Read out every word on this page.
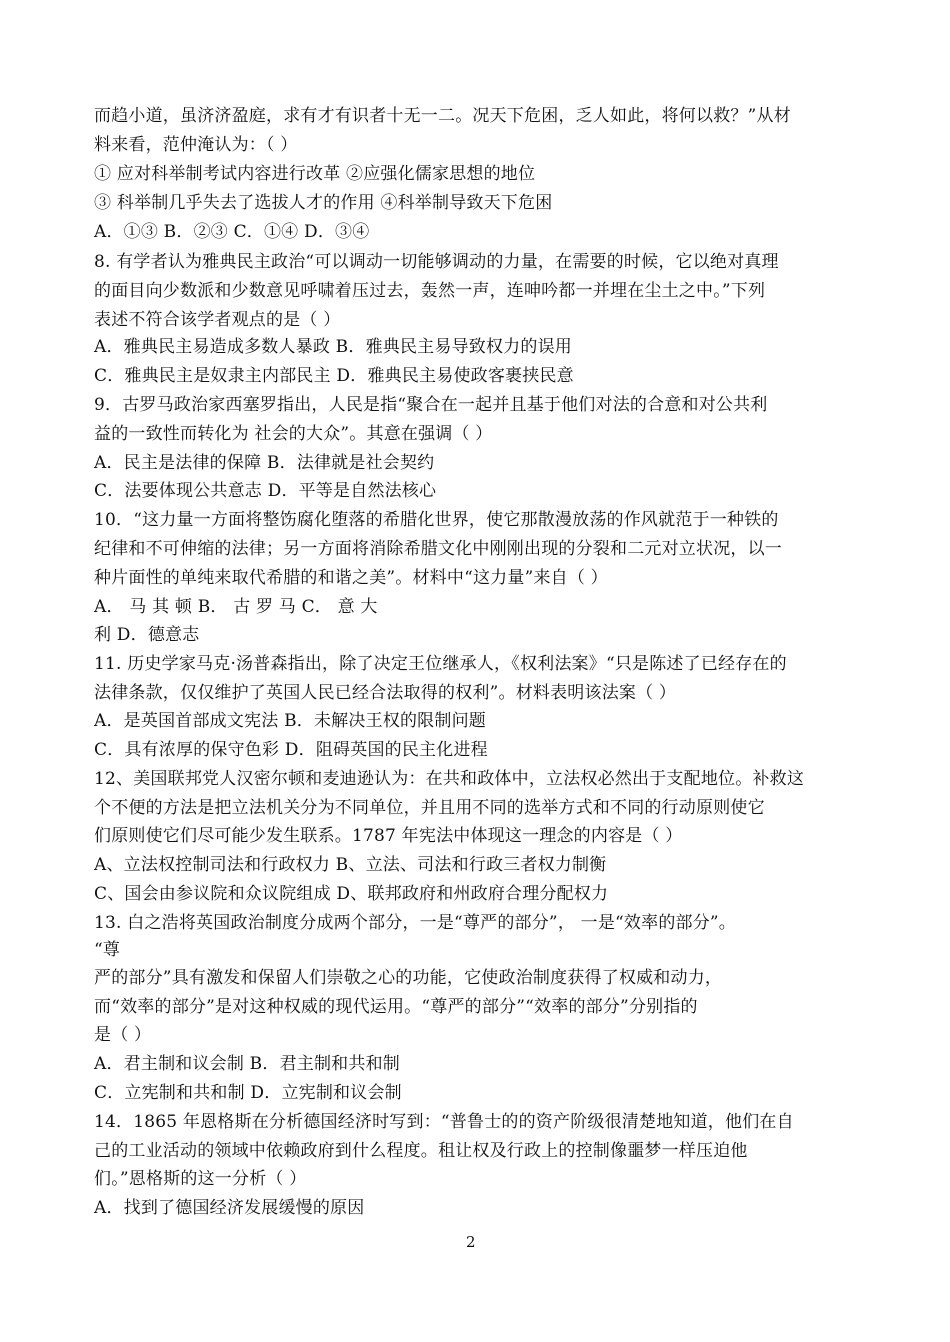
而趋小道，虽济济盈庭，求有才有识者十无一二。况天下危困，乏人如此，将何以救？”从材
料来看，范仲淹认为：（ ）
① 应对科举制考试内容进行改革 ②应强化儒家思想的地位
③ 科举制几乎失去了选拔人才的作用 ④科举制导致天下危困
A．①③ B．②③ C．①④ D．③④
8. 有学者认为雅典民主政治“可以调动一切能够调动的力量，在需要的时候，它以绝对真理
的面目向少数派和少数意见呼啸着压过去，轰然一声，连呻吟都一并埋在尘土之中。”下列
表述不符合该学者观点的是（ ）
A．雅典民主易造成多数人暴政 B．雅典民主易导致权力的误用
C．雅典民主是奴隶主内部民主 D．雅典民主易使政客裹挟民意
9．古罗马政治家西塞罗指出，人民是指“聚合在一起并且基于他们对法的合意和对公共利
益的一致性而转化为 社会的大众”。其意在强调（ ）
A．民主是法律的保障 B．法律就是社会契约
C．法要体现公共意志 D．平等是自然法核心
10．“这力量一方面将整饬腐化堕落的希腊化世界，使它那散漫放荡的作风就范于一种铁的
纪律和不可伸缩的法律；另一方面将消除希腊文化中刚刚出现的分裂和二元对立状况，以一
种片面性的单纯来取代希腊的和谐之美”。材料中“这力量”来自（ ）
A． 马 其 顿 B． 古 罗 马 C． 意 大
利 D．德意志
11. 历史学家马克·汤普森指出，除了决定王位继承人，《权利法案》“只是陈述了已经存在的
法律条款，仅仅维护了英国人民已经合法取得的权利”。材料表明该法案（ ）
A．是英国首部成文宪法 B．未解决王权的限制问题
C．具有浓厚的保守色彩 D．阻碍英国的民主化进程
12、美国联邦党人汉密尔顿和麦迪逊认为：在共和政体中，立法权必然出于支配地位。补救这
个不便的方法是把立法机关分为不同单位，并且用不同的选举方式和不同的行动原则使它
们原则使它们尽可能少发生联系。1787 年宪法中体现这一理念的内容是（ ）
A、立法权控制司法和行政权力 B、立法、司法和行政三者权力制衡
C、国会由参议院和众议院组成 D、联邦政府和州政府合理分配权力
13. 白之浩将英国政治制度分成两个部分，一是“尊严的部分”， 一是“效率的部分”。
“尊
严的部分”具有激发和保留人们崇敬之心的功能，它使政治制度获得了权威和动力，
而“效率的部分”是对这种权威的现代运用。“尊严的部分”“效率的部分”分别指的
是（ ）
A．君主制和议会制 B．君主制和共和制
C．立宪制和共和制 D．立宪制和议会制
14．1865 年恩格斯在分析德国经济时写到：“普鲁士的的资产阶级很清楚地知道，他们在自
己的工业活动的领域中依赖政府到什么程度。租让权及行政上的控制像噩梦一样压迫他
们。”恩格斯的这一分析（ ）
A．找到了德国经济发展缓慢的原因
2
